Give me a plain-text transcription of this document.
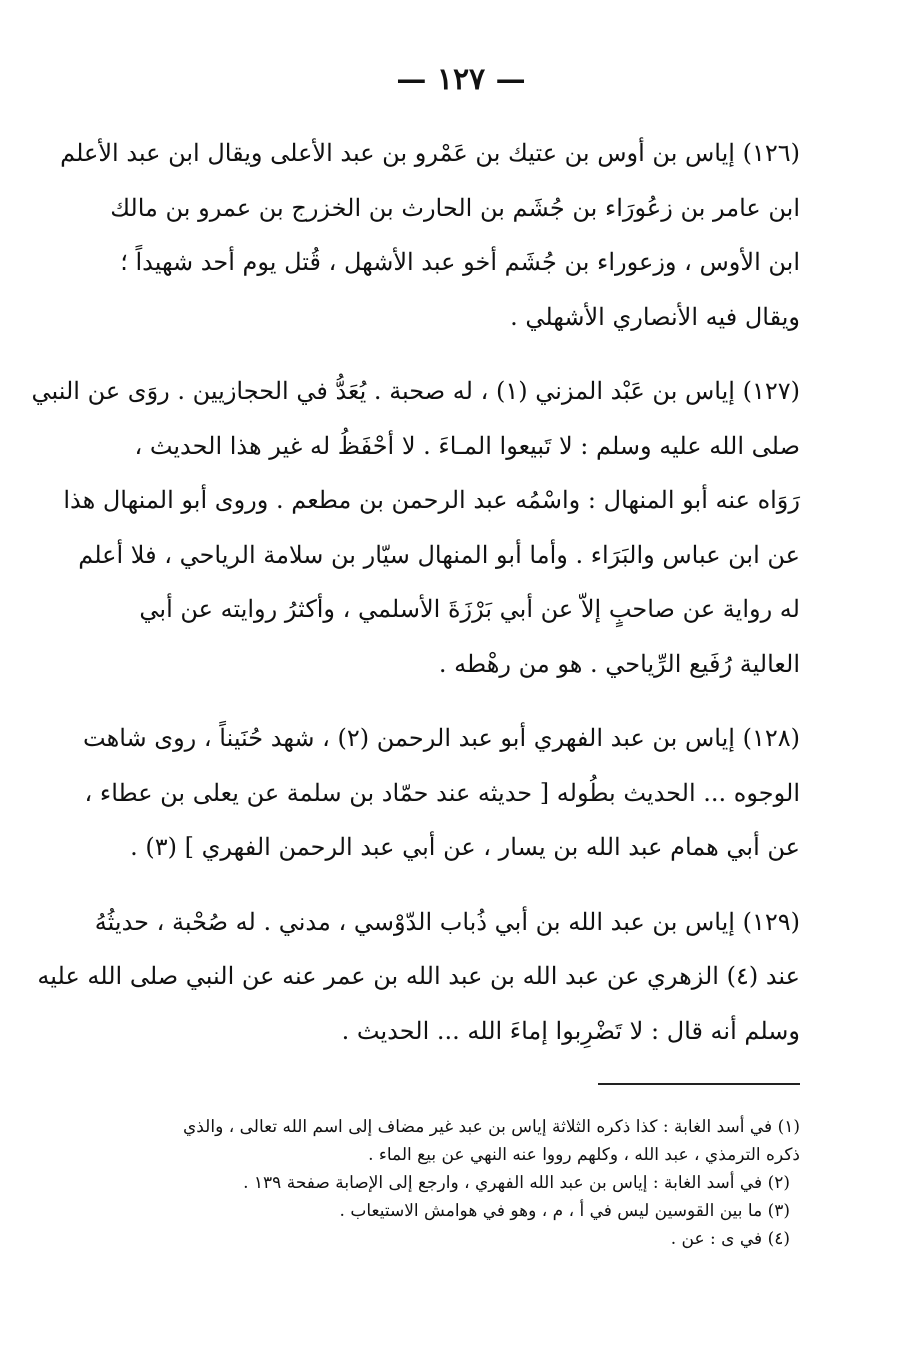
— ١٢٧ —
(١٢٦) إياس بن أوس بن عتيك بن عَمْرو بن عبد الأعلى ويقال ابن عبد الأعلم
ابن عامر بن زعُورَاء بن جُشَم بن الحارث بن الخزرج بن عمرو بن مالك
ابن الأوس ، وزعوراء بن جُشَم أخو عبد الأشهل ، قُتل يوم أحد شهيداً ؛
ويقال فيه الأنصاري الأشهلي .
(١٢٧) إياس بن عَبْد المزني (١) ، له صحبة . يُعَدُّ في الحجازيين . روَى عن النبي
صلى الله عليه وسلم : لا تَبيعوا المـاءَ . لا أحْفَظُ له غير هذا الحديث ،
رَوَاه عنه أبو المنهال : واسْمُه عبد الرحمن بن مطعم . وروى أبو المنهال هذا
عن ابن عباس والبَرَاء . وأما أبو المنهال سيّار بن سلامة الرياحي ، فلا أعلم
له رواية عن صاحبٍ إلاّ عن أبي بَرْزَةَ الأسلمي ، وأكثرُ روايته عن أبي
العالية رُفَيع الرِّياحي . هو من رهْطه .
(١٢٨) إياس بن عبد الفهري أبو عبد الرحمن (٢) ، شهد حُنَيناً ، روى شاهت
الوجوه ... الحديث بطُوله [ حديثه عند حمّاد بن سلمة عن يعلى بن عطاء ،
عن أبي همام عبد الله بن يسار ، عن أبي عبد الرحمن الفهري ] (٣) .
(١٢٩) إياس بن عبد الله بن أبي ذُباب الدّوْسي ، مدني . له صُحْبة ، حديثُهُ
عند (٤) الزهري عن عبد الله بن عبد الله بن عمر عنه عن النبي صلى الله عليه
وسلم أنه قال : لا تَضْرِبوا إماءَ الله ... الحديث .
(١) في أسد الغابة : كذا ذكره الثلاثة إياس بن عبد غير مضاف إلى اسم الله تعالى ، والذي
ذكره الترمذي ، عبد الله ، وكلهم رووا عنه النهي عن بيع الماء .
(٢) في أسد الغابة : إياس بن عبد الله الفهري ، وارجع إلى الإصابة صفحة ١٣٩ .
(٣) ما بين القوسين ليس في أ ، م ، وهو في هوامش الاستيعاب .
(٤) في ى : عن .
